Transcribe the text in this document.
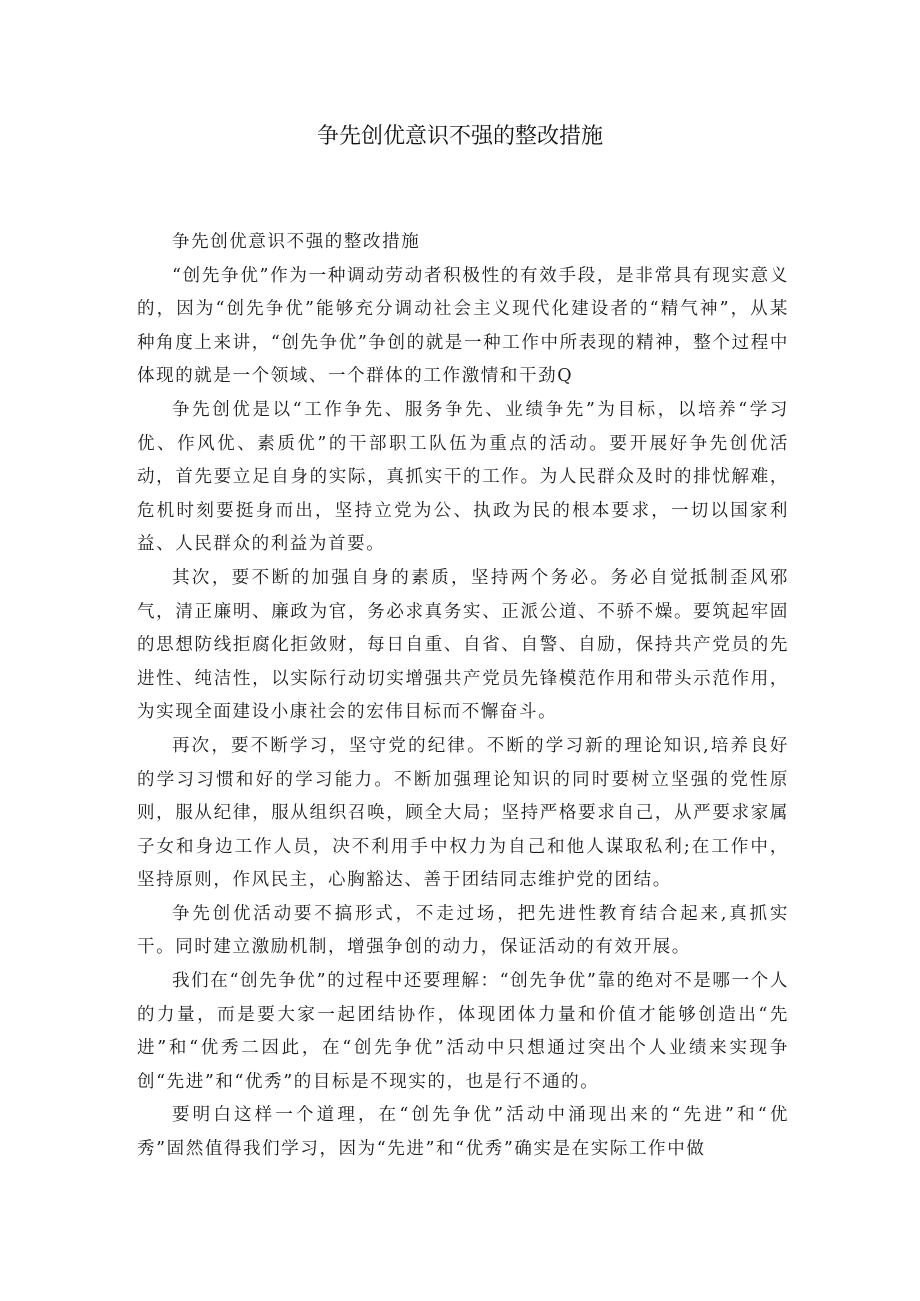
争先创优意识不强的整改措施

争先创优意识不强的整改措施

“创先争优”作为一种调动劳动者积极性的有效手段，是非常具有现实意义的，因为“创先争优”能够充分调动社会主义现代化建设者的“精气神”，从某种角度上来讲，“创先争优”争创的就是一种工作中所表现的精神，整个过程中体现的就是一个领域、一个群体的工作激情和干劲Q

争先创优是以“工作争先、服务争先、业绩争先”为目标，以培养“学习优、作风优、素质优”的干部职工队伍为重点的活动。要开展好争先创优活动，首先要立足自身的实际，真抓实干的工作。为人民群众及时的排忧解难，危机时刻要挺身而出，坚持立党为公、执政为民的根本要求，一切以国家利益、人民群众的利益为首要。

其次，要不断的加强自身的素质，坚持两个务必。务必自觉抵制歪风邪气，清正廉明、廉政为官，务必求真务实、正派公道、不骄不燥。要筑起牢固的思想防线拒腐化拒敛财，每日自重、自省、自警、自励，保持共产党员的先进性、纯洁性，以实际行动切实增强共产党员先锋模范作用和带头示范作用，为实现全面建设小康社会的宏伟目标而不懈奋斗。

再次，要不断学习，坚守党的纪律。不断的学习新的理论知识,培养良好的学习习惯和好的学习能力。不断加强理论知识的同时要树立坚强的党性原则，服从纪律，服从组织召唤，顾全大局；坚持严格要求自己，从严要求家属子女和身边工作人员，决不利用手中权力为自己和他人谋取私利;在工作中，坚持原则，作风民主，心胸豁达、善于团结同志维护党的团结。

争先创优活动要不搞形式，不走过场，把先进性教育结合起来,真抓实干。同时建立激励机制，增强争创的动力，保证活动的有效开展。

我们在“创先争优”的过程中还要理解：“创先争优”靠的绝对不是哪一个人的力量，而是要大家一起团结协作，体现团体力量和价值才能够创造出“先进”和“优秀二因此，在“创先争优”活动中只想通过突出个人业绩来实现争创“先进”和“优秀”的目标是不现实的，也是行不通的。

要明白这样一个道理，在“创先争优”活动中涌现出来的“先进”和“优秀”固然值得我们学习，因为“先进”和“优秀”确实是在实际工作中做
